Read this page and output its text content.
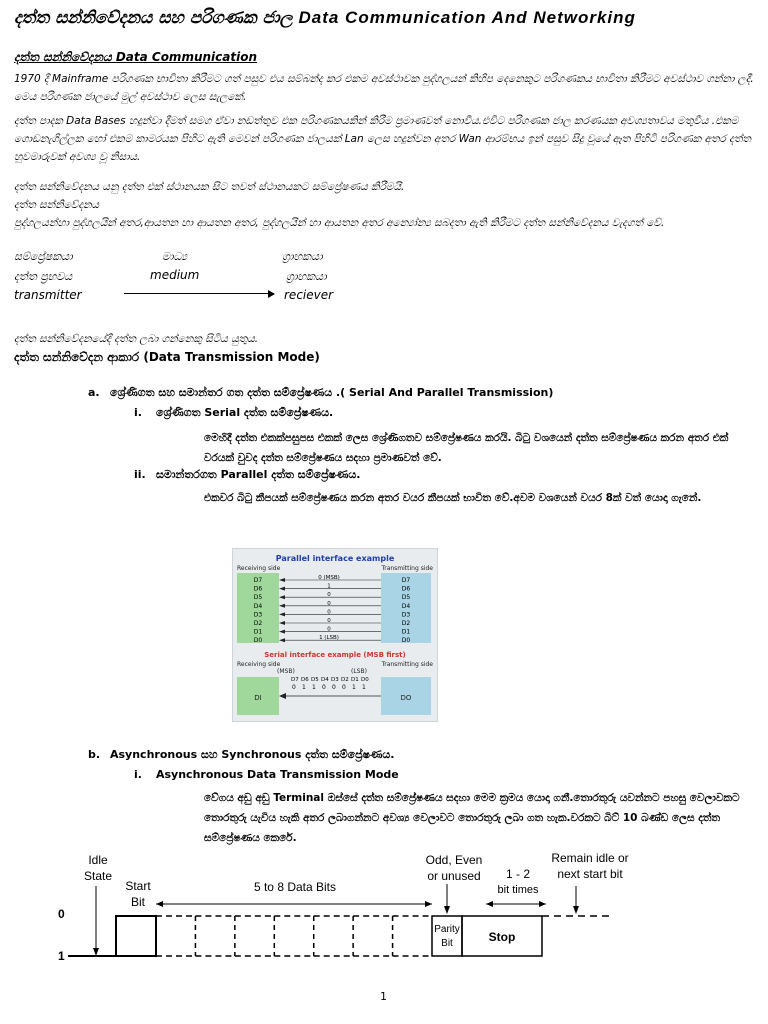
දත්ත සන්නිවේදනය සහ පරිගණක ජාල Data Communication And Networking
දත්ත සන්නිවේදනය Data Communication
1970 දී Mainframe පරිගණක භාවිතා කිරීමට ගත් පසුව එය සම්බන්ද කර එකම අවස්ථාවක පුද්ගලයන් කිහිප දෙනෙකුට පරිගණකය භාවිතා කිරීමට අවස්ථාව ගන්නා ලදී. මෙය පරිගණක ජාලයේ මුල් අවස්ථාව ලෙස සැලකේ.
දත්ත පාදක Data Bases හදුන්වා දීමත් සමග ඒවා නඩත්තුව එක පරිගණකයකින් කිරීම ප්‍රමාණවත් නොවීය.එවිට පරිගණක ජාල කරණයක අවශ්‍යතාවය මතුවීය .එකම ගොඩනැගිල්ලක හෝ එකම කාමරයක පිහිට ඇති මෙවන් පරිගණක ජාලයක් Lan ලෙස හදුන්වන අතර Wan ආරම්භය ඉන් පසුව සිදු වූයේ ඈත පිහිටි පරිගණක අතර දත්ත හුවමාරුවක් අවශ්‍ය වූ නිසාය.
දත්ත සන්නිවේදනය යනු දත්ත එක් ස්ථානයක සිට තවත් ස්ථානයකට සම්ප්‍රේෂණය කිරීමයි.
දත්ත සන්නිවේදනය
පුද්ගලයන්හා පුද්ගලයින් අතර,ආයතන හා ආයතන අතර, පුද්ගලයින් හා ආයතන අතර අන්‍යෝන්‍ය සබදතා ඇති කිරීමට දත්ත සන්නිවේදනය වැදගත් වේ.
සම්ප්‍රේෂකයා	මාධ්‍ය	ග්‍රාහකයා
දත්ත ප්‍රභවය	medium	ග්‍රාහකයා
transmitter	reciever
දත්ත සන්නිවේදනයේදී දත්ත ලබා ගන්නෙකු සිටිය යුතුය.
දත්ත සන්නිවේදන ආකාර (Data Transmission Mode)
a. ශ්‍රේණිගත සහ සමාන්තර ගත දත්ත සම්ප්‍රේෂණය .( Serial And Parallel Transmission)
i. ශ්‍රේණිගත Serial දත්ත සම්ප්‍රේෂණය.
මෙහිදී දත්ත එකක්පසුපස එකක් ලෙස ශ්‍රේණිගතව සම්ප්‍රේෂණය කරයි. බිටු වශයෙන් දත්ත සම්ප්‍රේෂණය කරන අතර එක් වරයක් වුවද දත්ත සම්ප්‍රේෂණය සදහා ප්‍රමාණවත් වේ.
ii. සමාන්තරගත Parallel දත්ත සම්ප්‍රේෂණය.
එකවර බිටු කීපයක් සම්ප්‍රේෂණය කරන අතර වයර කීපයක් භාවිත වේ.අවම වශයෙන් වයර 8ක් වත් යොදා ගැනේ.
Parallel interface example
Receiving side	Transmitting side
D7	D7
0 (MSB)
D6	D6
1
D5	D5
0
D4	D4
0
D3	D3
0
D2	D2
0
D1	D1
0
D0	D0
1 (LSB)
Serial interface example (MSB first)
Receiving side	Transmitting side
(MSB)	(LSB)
DI	DO
D7
0
D6
1
D5
1
D4
0
D3
0
D2
0
D1
1
D0
1
b. Asynchronous සහ Synchronous දත්ත සම්ප්‍රේෂණය.
i. Asynchronous Data Transmission Mode
වේගය අඩු අඩු Terminal ඔස්සේ දත්ත සම්ප්‍රේෂණය සදහා මෙම ක්‍රමය යොදා ගනී.තොරතුරු යවන්නට පහසු වෙලාවකට තොරතුරු යැවිය හැකි අතර ලබාගන්නට අවශ්‍ය වෙලාවට තොරතුරු ලබා ගත හැක.වරකට බිට් 10 බණ්ඩ ලෙස දත්ත සම්ප්‍රේෂණය කෙරේ.
Idle
State
Start
Bit
5 to 8 Data Bits
Odd, Even
or unused 1 - 2
bit times
Remain idle or
next start bit
0
1
Parity
Bit	Stop
1
